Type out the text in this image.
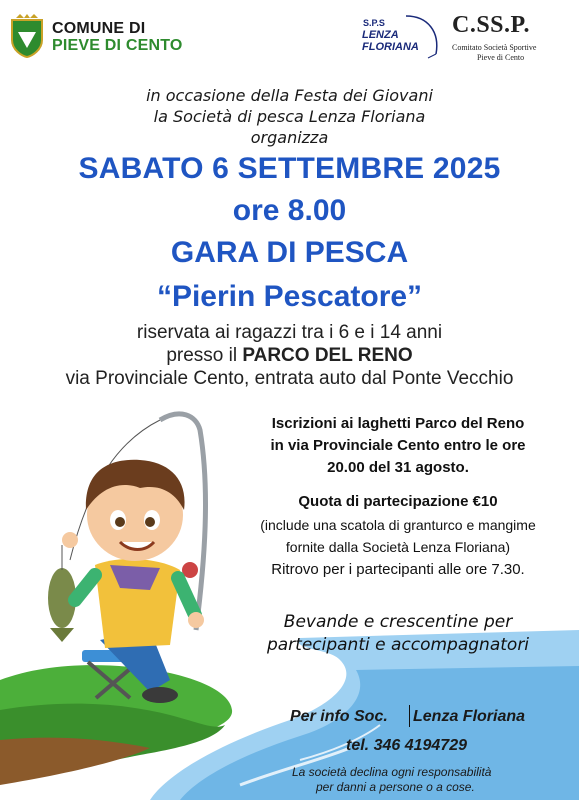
COMUNE DI
PIEVE DI CENTO
S.P.S
LENZA
FLORIANA
C.SS.P.
Comitato Società Sportive
Pieve di Cento
in occasione della Festa dei Giovani
la Società di pesca Lenza Floriana
organizza
SABATO 6 SETTEMBRE 2025
ore 8.00
GARA DI PESCA
“Pierin Pescatore”
riservata ai ragazzi tra i 6 e i 14 anni
presso il PARCO DEL RENO
via Provinciale Cento, entrata auto dal Ponte Vecchio
Iscrizioni ai laghetti Parco del Reno
in via Provinciale Cento entro le ore
20.00 del 31 agosto.
Quota di partecipazione €10
(include una scatola di granturco e mangime
fornite dalla Società Lenza Floriana)
Ritrovo per i partecipanti alle ore 7.30.
Bevande e crescentine per
partecipanti e accompagnatori
Per info Soc. Lenza Floriana
tel. 346 4194729
La società declina ogni responsabilità
per danni a persone o a cose.
